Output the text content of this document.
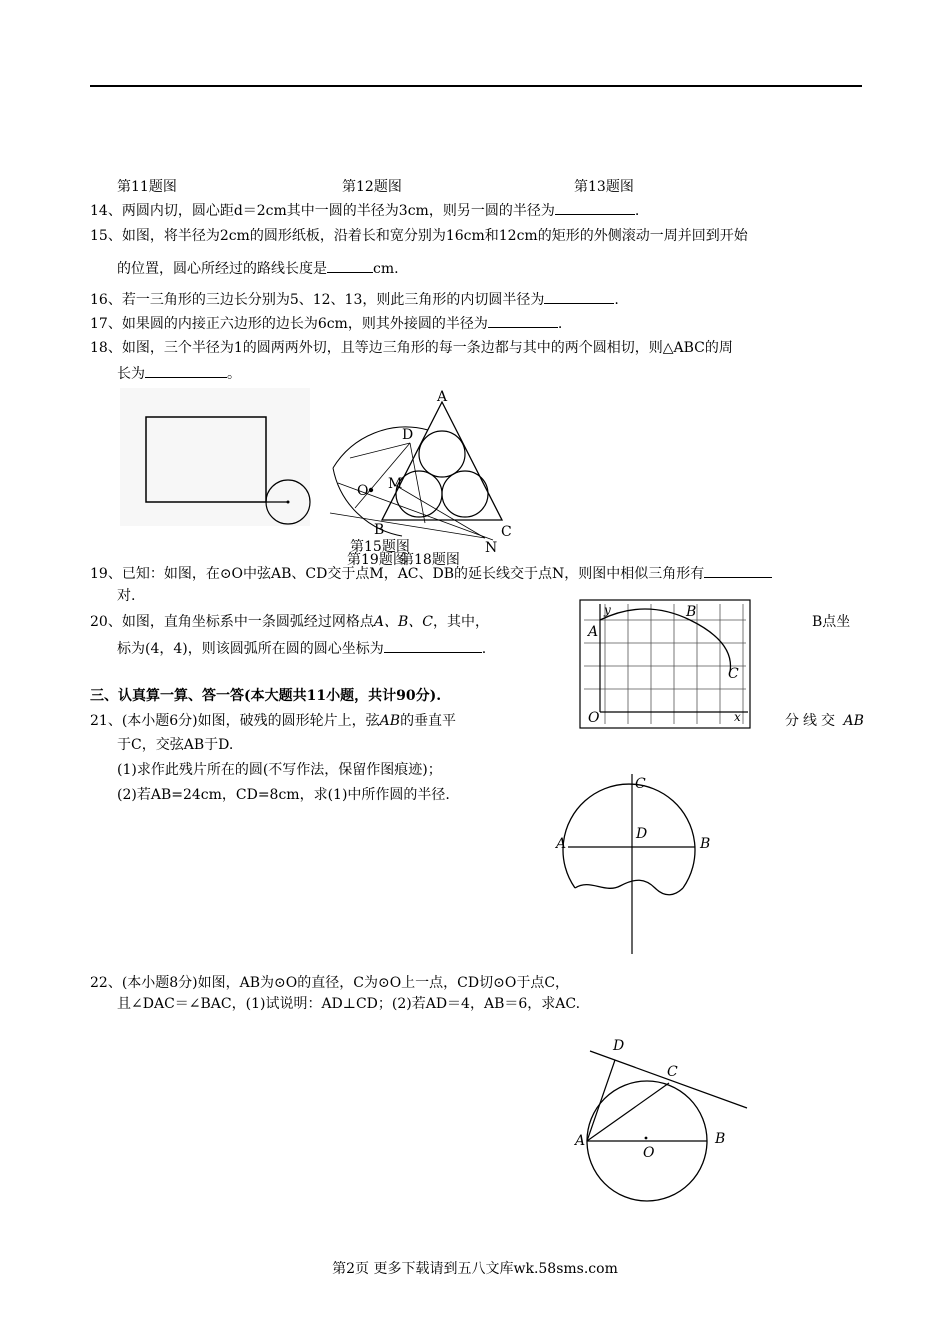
第11题图	第12题图	第13题图
14、两圆内切，圆心距d＝2cm其中一圆的半径为3cm，则另一圆的半径为	.
15、如图，将半径为2cm的圆形纸板，沿着长和宽分别为16cm和12cm的矩形的外侧滚动一周并回到开始
的位置，圆心所经过的路线长度是	cm.
16、若一三角形的三边长分别为5、12、13，则此三角形的内切圆半径为	.
17、如果圆的内接正六边形的边长为6cm，则其外接圆的半径为	.
18、如图，三个半径为1的圆两两外切，且等边三角形的每一条边都与其中的两个圆相切，则△ABC的周
长为	。
A
D
O M
B	C
N
第15题图
第19题图
第18题图
19、已知：如图，在⊙O中弦AB、CD交于点M，AC、DB的延长线交于点N，则图中相似三角形有
对.
20、如图，直角坐标系中一条圆弧经过网格点A、B、C，其中，	B点坐
标为(4，4)，则该圆弧所在圆的圆心坐标为	.
y
x
A
B
C
O
三、认真算一算、答一答(本大题共11小题，共计90分).
21、(本小题6分)如图，破残的圆形轮片上，弦AB的垂直平	分线交 AB
于C，交弦AB于D.
(1)求作此残片所在的圆(不写作法，保留作图痕迹)；
(2)若AB=24cm，CD=8cm，求(1)中所作圆的半径.
C
D
A	B
22、(本小题8分)如图，AB为⊙O的直径，C为⊙O上一点，CD切⊙O于点C，
且∠DAC＝∠BAC，(1)试说明：AD⊥CD；(2)若AD＝4，AB＝6，求AC.
D
C
A	B
O
第2页 更多下载请到五八文库wk.58sms.com
